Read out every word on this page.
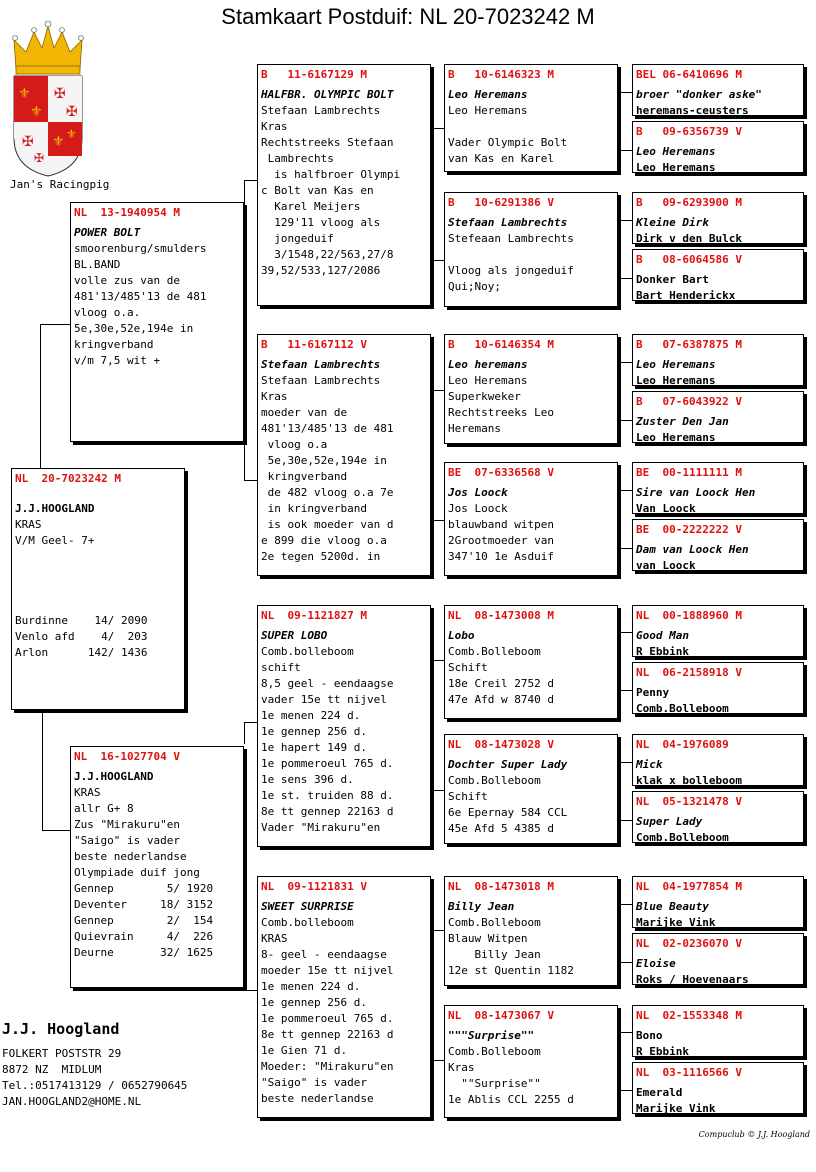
Stamkaart Postduif: NL 20-7023242 M
⚜
⚜
⚜ ⚜
✠
✠
✠
✠
Jan's Racingpig
NL  20-7023242 M
J.J.HOOGLAND
KRAS
V/M Geel- 7+
Burdinne    14/ 2090
Venlo afd    4/  203
Arlon      142/ 1436
NL  13-1940954 M
POWER BOLT
smoorenburg/smulders
BL.BAND
volle zus van de
481'13/485'13 de 481
vloog o.a.
5e,30e,52e,194e in
kringverband
v/m 7,5 wit +
NL  16-1027704 V
J.J.HOOGLAND
KRAS
allr G+ 8
Zus "Mirakuru"en
"Saigo" is vader
beste nederlandse
Olympiade duif jong
Gennep        5/ 1920
Deventer     18/ 3152
Gennep        2/  154
Quievrain     4/  226
Deurne       32/ 1625
B   11-6167129 M
HALFBR. OLYMPIC BOLT
Stefaan Lambrechts
Kras
Rechtstreeks Stefaan
Lambrechts
is halfbroer Olympi
c Bolt van Kas en
Karel Meijers
129'11 vloog als
jongeduif
3/1548,22/563,27/8
39,52/533,127/2086
B   11-6167112 V
Stefaan Lambrechts
Stefaan Lambrechts
Kras
moeder van de
481'13/485'13 de 481
vloog o.a
5e,30e,52e,194e in
kringverband
de 482 vloog o.a 7e
in kringverband
is ook moeder van d
e 899 die vloog o.a
2e tegen 5200d. in
NL  09-1121827 M
SUPER LOBO
Comb.bolleboom
schift
8,5 geel - eendaagse
vader 15e tt nijvel
1e menen 224 d.
1e gennep 256 d.
1e hapert 149 d.
1e pommeroeul 765 d.
1e sens 396 d.
1e st. truiden 88 d.
8e tt gennep 22163 d
Vader "Mirakuru"en
NL  09-1121831 V
SWEET SURPRISE
Comb.bolleboom
KRAS
8- geel - eendaagse
moeder 15e tt nijvel
1e menen 224 d.
1e gennep 256 d.
1e pommeroeul 765 d.
8e tt gennep 22163 d
1e Gien 71 d.
Moeder: "Mirakuru"en
"Saigo" is vader
beste nederlandse
B   10-6146323 M
Leo Heremans
Leo Heremans
Vader Olympic Bolt
van Kas en Karel
B   10-6291386 V
Stefaan Lambrechts
Stefeaan Lambrechts
Vloog als jongeduif
Qui;Noy;
B   10-6146354 M
Leo heremans
Leo Heremans
Superkweker
Rechtstreeks Leo
Heremans
BE  07-6336568 V
Jos Loock
Jos Loock
blauwband witpen
2Grootmoeder van
347'10 1e Asduif
NL  08-1473008 M
Lobo
Comb.Bolleboom
Schift
18e Creil 2752 d
47e Afd w 8740 d
NL  08-1473028 V
Dochter Super Lady
Comb.Bolleboom
Schift
6e Epernay 584 CCL
45e Afd 5 4385 d
NL  08-1473018 M
Billy Jean
Comb.Bolleboom
Blauw Witpen
Billy Jean
12e st Quentin 1182
NL  08-1473067 V
"""Surprise""
Comb.Bolleboom
Kras
""Surprise""
1e Ablis CCL 2255 d
BEL 06-6410696 M
broer "donker aske"
heremans-ceusters
B   09-6356739 V
Leo Heremans
Leo Heremans
B   09-6293900 M
Kleine Dirk
Dirk v den Bulck
B   08-6064586 V
Donker Bart
Bart Henderickx
B   07-6387875 M
Leo Heremans
Leo Heremans
B   07-6043922 V
Zuster Den Jan
Leo Heremans
BE  00-1111111 M
Sire van Loock Hen
Van Loock
BE  00-2222222 V
Dam van Loock Hen
van Loock
NL  00-1888960 M
Good Man
R Ebbink
NL  06-2158918 V
Penny
Comb.Bolleboom
NL  04-1976089
Mick
klak x bolleboom
NL  05-1321478 V
Super Lady
Comb.Bolleboom
NL  04-1977854 M
Blue Beauty
Marijke Vink
NL  02-0236070 V
Eloise
Roks / Hoevenaars
NL  02-1553348 M
Bono
R Ebbink
NL  03-1116566 V
Emerald
Marijke Vink
J.J. Hoogland
FOLKERT POSTSTR 29
8872 NZ  MIDLUM
Tel.:0517413129 / 0652790645
JAN.HOOGLAND2@HOME.NL
Compuclub © J.J. Hoogland
